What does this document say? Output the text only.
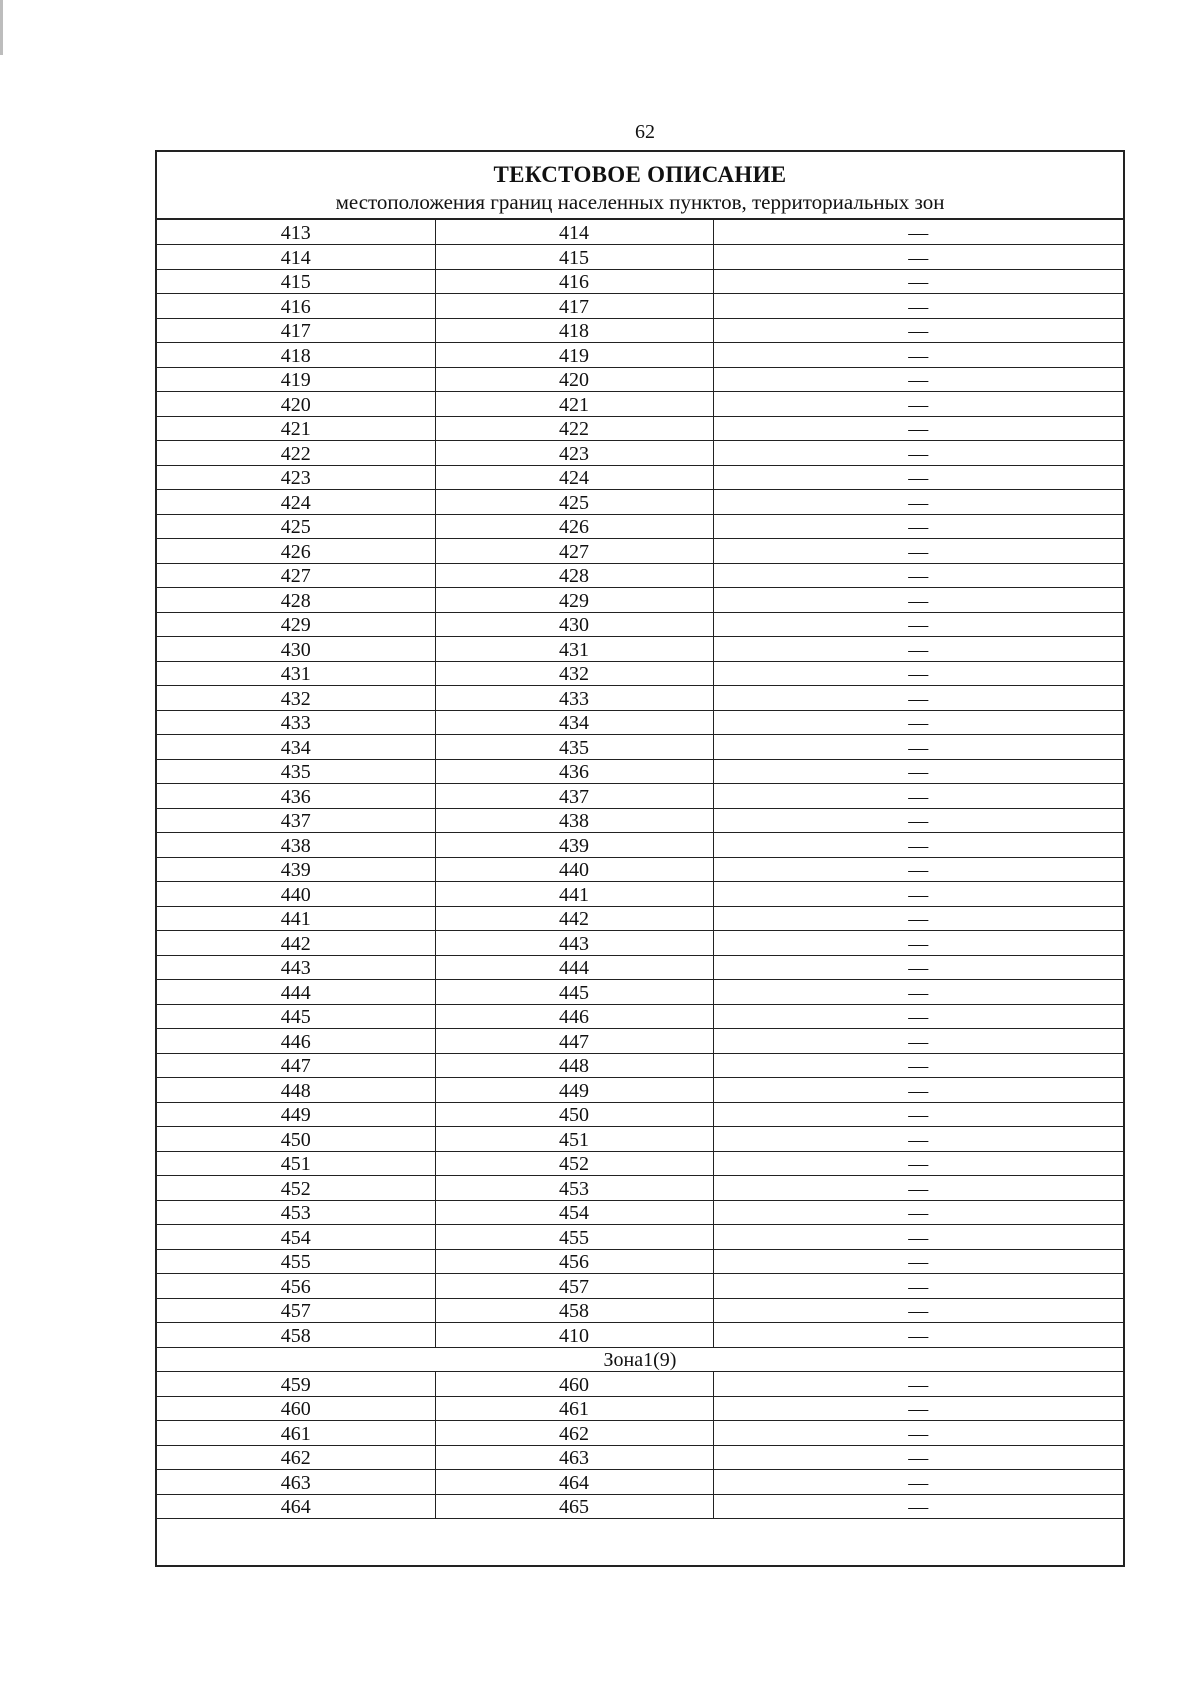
62
ТЕКСТОВОЕ ОПИСАНИЕ
местоположения границ населенных пунктов, территориальных зон
413	414	—
414	415	—
415	416	—
416	417	—
417	418	—
418	419	—
419	420	—
420	421	—
421	422	—
422	423	—
423	424	—
424	425	—
425	426	—
426	427	—
427	428	—
428	429	—
429	430	—
430	431	—
431	432	—
432	433	—
433	434	—
434	435	—
435	436	—
436	437	—
437	438	—
438	439	—
439	440	—
440	441	—
441	442	—
442	443	—
443	444	—
444	445	—
445	446	—
446	447	—
447	448	—
448	449	—
449	450	—
450	451	—
451	452	—
452	453	—
453	454	—
454	455	—
455	456	—
456	457	—
457	458	—
458	410	—
Зона1(9)		
459	460	—
460	461	—
461	462	—
462	463	—
463	464	—
464	465	—
